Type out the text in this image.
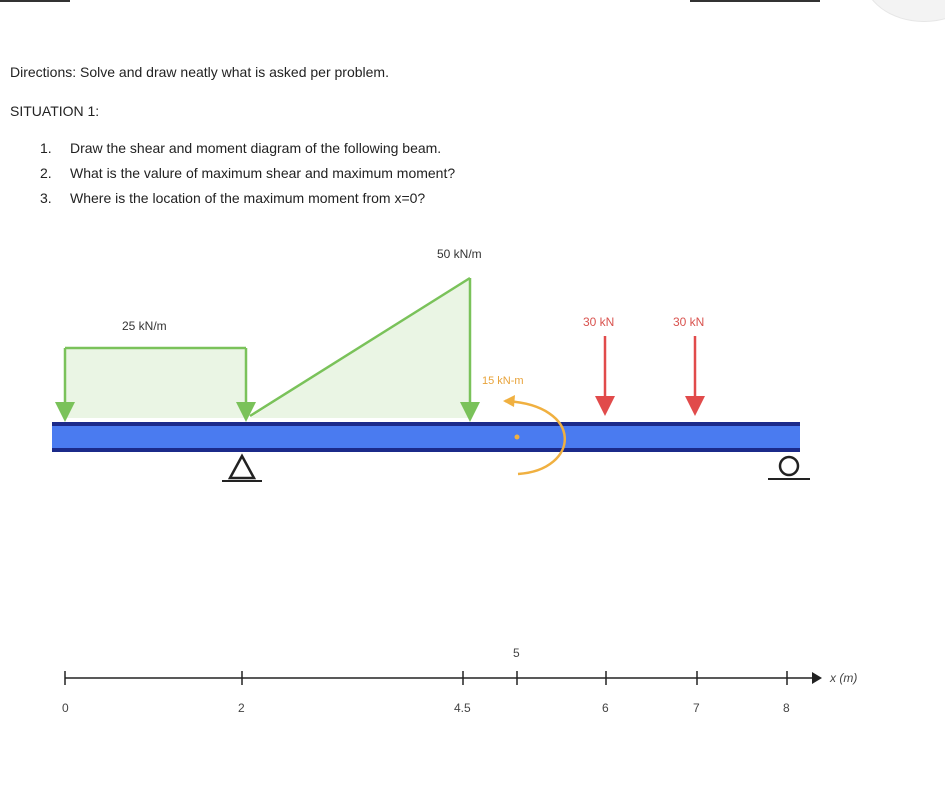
Directions: Solve and draw neatly what is asked per problem.
SITUATION 1:
1. Draw the shear and moment diagram of the following beam.
2. What is the valure of maximum shear and maximum moment?
3. Where is the location of the maximum moment from x=0?
25 kN/m
50 kN/m
15 kN-m
30 kN	30 kN
0	2	4.5	6	7	8
5
x (m)
